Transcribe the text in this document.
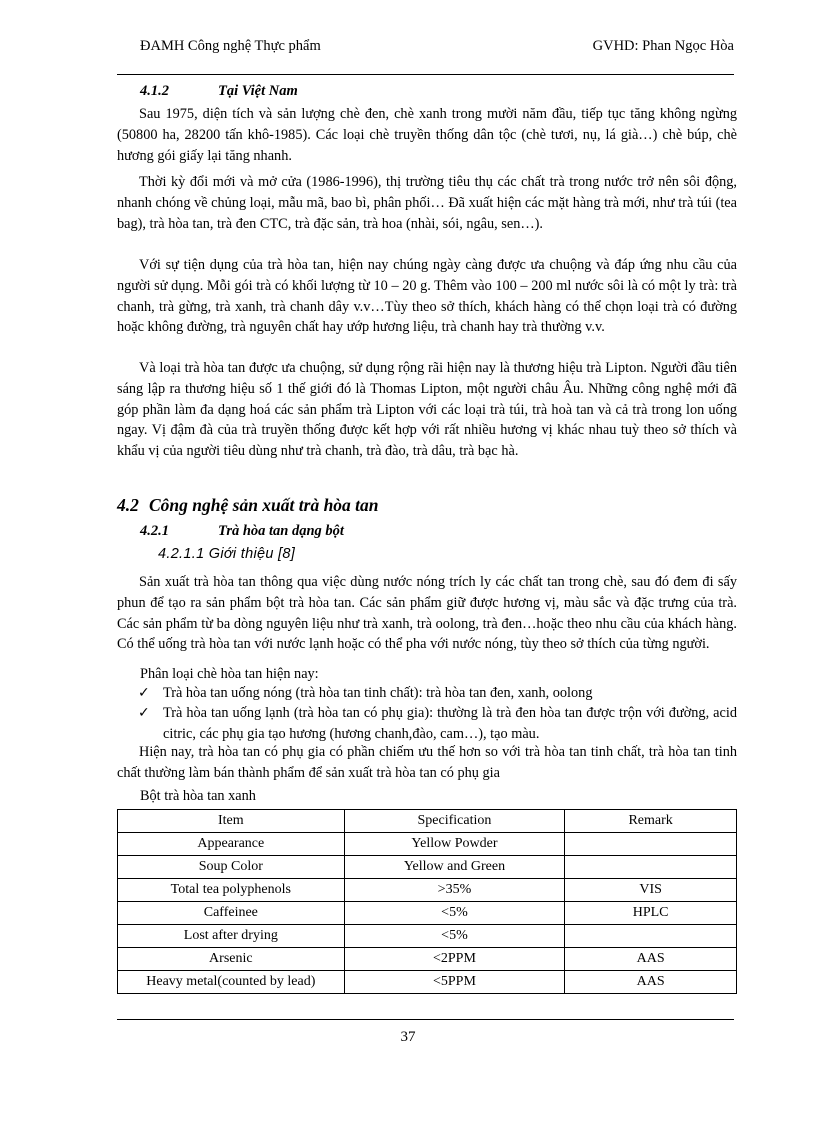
ĐAMH Công nghệ Thực phẩm	GVHD: Phan Ngọc Hòa
4.1.2	Tại Việt Nam

Sau 1975, diện tích và sản lượng chè đen, chè xanh trong mười năm đầu, tiếp tục tăng không ngừng (50800 ha, 28200 tấn khô-1985). Các loại chè truyền thống dân tộc (chè tươi, nụ, lá già…) chè búp, chè hương gói giấy lại tăng nhanh.

Thời kỳ đổi mới và mở cửa (1986-1996), thị trường tiêu thụ các chất trà trong nước trở nên sôi động, nhanh chóng về chủng loại, mẫu mã, bao bì, phân phối… Đã xuất hiện các mặt hàng trà mới, như trà túi (tea bag), trà hòa tan, trà đen CTC, trà đặc sản, trà hoa (nhài, sói, ngâu, sen…).

Với sự tiện dụng của trà hòa tan, hiện nay chúng ngày càng được ưa chuộng và đáp ứng nhu cầu của người sử dụng. Mỗi gói trà có khối lượng từ 10 – 20 g. Thêm vào 100 – 200 ml nước sôi là có một ly trà: trà chanh, trà gừng, trà xanh, trà chanh dây v.v…Tùy theo sở thích, khách hàng có thể chọn loại trà có đường hoặc không đường, trà nguyên chất hay ướp hương liệu, trà chanh hay trà thường v.v.

Và loại trà hòa tan được ưa chuộng, sử dụng rộng rãi hiện nay là thương hiệu trà Lipton. Người đầu tiên sáng lập ra thương hiệu số 1 thế giới đó là Thomas Lipton, một người châu Âu. Những công nghệ mới đã góp phần làm đa dạng hoá các sản phẩm trà Lipton với các loại trà túi, trà hoà tan và cả trà trong lon uống ngay. Vị đậm đà của trà truyền thống được kết hợp với rất nhiều hương vị khác nhau tuỳ theo sở thích và khẩu vị của người tiêu dùng như trà chanh, trà đào, trà dâu, trà bạc hà.

4.2 Công nghệ sản xuất trà hòa tan
4.2.1	Trà hòa tan dạng bột
4.2.1.1 Giới thiệu [8]

Sản xuất trà hòa tan thông qua việc dùng nước nóng trích ly các chất tan trong chè, sau đó đem đi sấy phun để tạo ra sản phẩm bột trà hòa tan. Các sản phẩm giữ được hương vị, màu sắc và đặc trưng của trà. Các sản phẩm từ ba dòng nguyên liệu như trà xanh, trà oolong, trà đen…hoặc theo nhu cầu của khách hàng. Có thể uống trà hòa tan với nước lạnh hoặc có thể pha với nước nóng, tùy theo sở thích của từng người.

Phân loại chè hòa tan hiện nay:

✓ Trà hòa tan uống nóng (trà hòa tan tinh chất): trà hòa tan đen, xanh, oolong

✓ Trà hòa tan uống lạnh (trà hòa tan có phụ gia): thường là trà đen hòa tan được trộn với đường, acid citric, các phụ gia tạo hương (hương chanh,đào, cam…), tạo màu.

Hiện nay, trà hòa tan có phụ gia có phần chiếm ưu thế hơn so với trà hòa tan tinh chất, trà hòa tan tinh chất thường làm bán thành phẩm để sản xuất trà hòa tan có phụ gia

Bột trà hòa tan xanh

Item	Specification	Remark
Appearance	Yellow Powder	
Soup Color	Yellow and Green	
Total tea polyphenols	>35%	VIS
Caffeinee	<5%	HPLC
Lost after drying	<5%	
Arsenic	<2PPM	AAS
Heavy metal(counted by lead)	<5PPM	AAS
37
